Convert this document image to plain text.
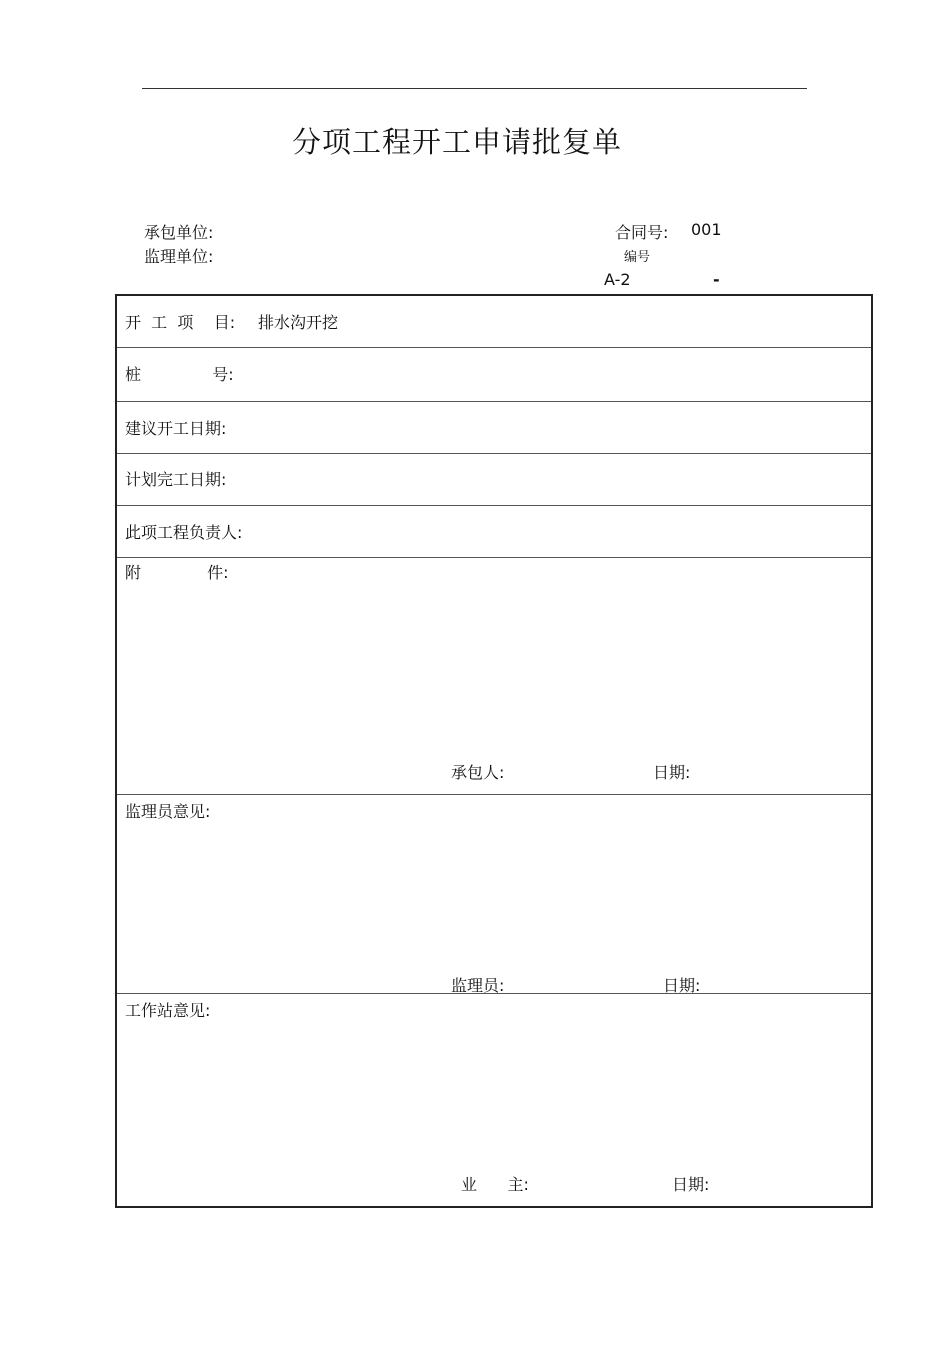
分项工程开工申请批复单
承包单位:
监理单位:
合同号: 001
编号
A-2	-
开  工  项    目: 排水沟开挖
桩              号:
建议开工日期:
计划完工日期:
此项工程负责人:
附             件:
承包人:	日期:
监理员意见:
监理员:	日期:
工作站意见:
业      主:	日期:
